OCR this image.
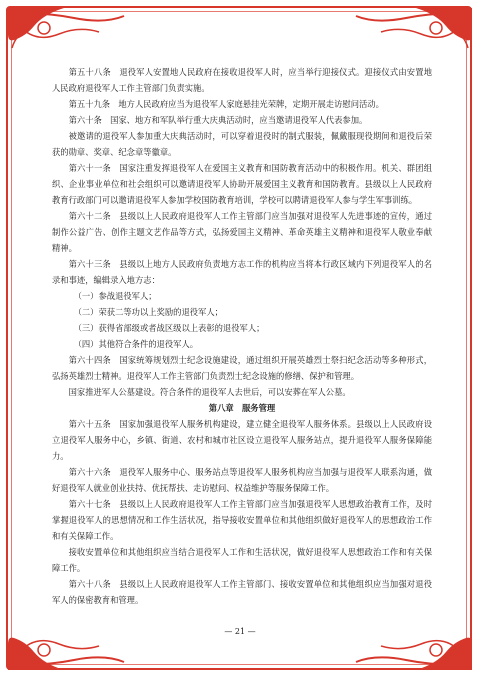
第五十八条　退役军人安置地人民政府在接收退役军人时，应当举行迎接仪式。迎接仪式由安置地人民政府退役军人工作主管部门负责实施。

第五十九条　地方人民政府应当为退役军人家庭悬挂光荣牌，定期开展走访慰问活动。

第六十条　国家、地方和军队举行重大庆典活动时，应当邀请退役军人代表参加。

被邀请的退役军人参加重大庆典活动时，可以穿着退役时的制式服装，佩戴服现役期间和退役后荣获的勋章、奖章、纪念章等徽章。

第六十一条　国家注重发挥退役军人在爱国主义教育和国防教育活动中的积极作用。机关、群团组织、企业事业单位和社会组织可以邀请退役军人协助开展爱国主义教育和国防教育。县级以上人民政府教育行政部门可以邀请退役军人参加学校国防教育培训，学校可以聘请退役军人参与学生军事训练。

第六十二条　县级以上人民政府退役军人工作主管部门应当加强对退役军人先进事迹的宣传，通过制作公益广告、创作主题文艺作品等方式，弘扬爱国主义精神、革命英雄主义精神和退役军人敬业奉献精神。

第六十三条　县级以上地方人民政府负责地方志工作的机构应当将本行政区域内下列退役军人的名录和事迹，编辑录入地方志：

（一）参战退役军人；

（二）荣获二等功以上奖励的退役军人；

（三）获得省部级或者战区级以上表彰的退役军人；

（四）其他符合条件的退役军人。

第六十四条　国家统筹规划烈士纪念设施建设，通过组织开展英雄烈士祭扫纪念活动等多种形式，弘扬英雄烈士精神。退役军人工作主管部门负责烈士纪念设施的修缮、保护和管理。

国家推进军人公墓建设。符合条件的退役军人去世后，可以安葬在军人公墓。

第八章　服务管理

第六十五条　国家加强退役军人服务机构建设，建立健全退役军人服务体系。县级以上人民政府设立退役军人服务中心，乡镇、街道、农村和城市社区设立退役军人服务站点，提升退役军人服务保障能力。

第六十六条　退役军人服务中心、服务站点等退役军人服务机构应当加强与退役军人联系沟通，做好退役军人就业创业扶持、优抚帮扶、走访慰问、权益维护等服务保障工作。

第六十七条　县级以上人民政府退役军人工作主管部门应当加强退役军人思想政治教育工作，及时掌握退役军人的思想情况和工作生活状况，指导接收安置单位和其他组织做好退役军人的思想政治工作和有关保障工作。

接收安置单位和其他组织应当结合退役军人工作和生活状况，做好退役军人思想政治工作和有关保障工作。

第六十八条　县级以上人民政府退役军人工作主管部门、接收安置单位和其他组织应当加强对退役军人的保密教育和管理。

— 21 —
